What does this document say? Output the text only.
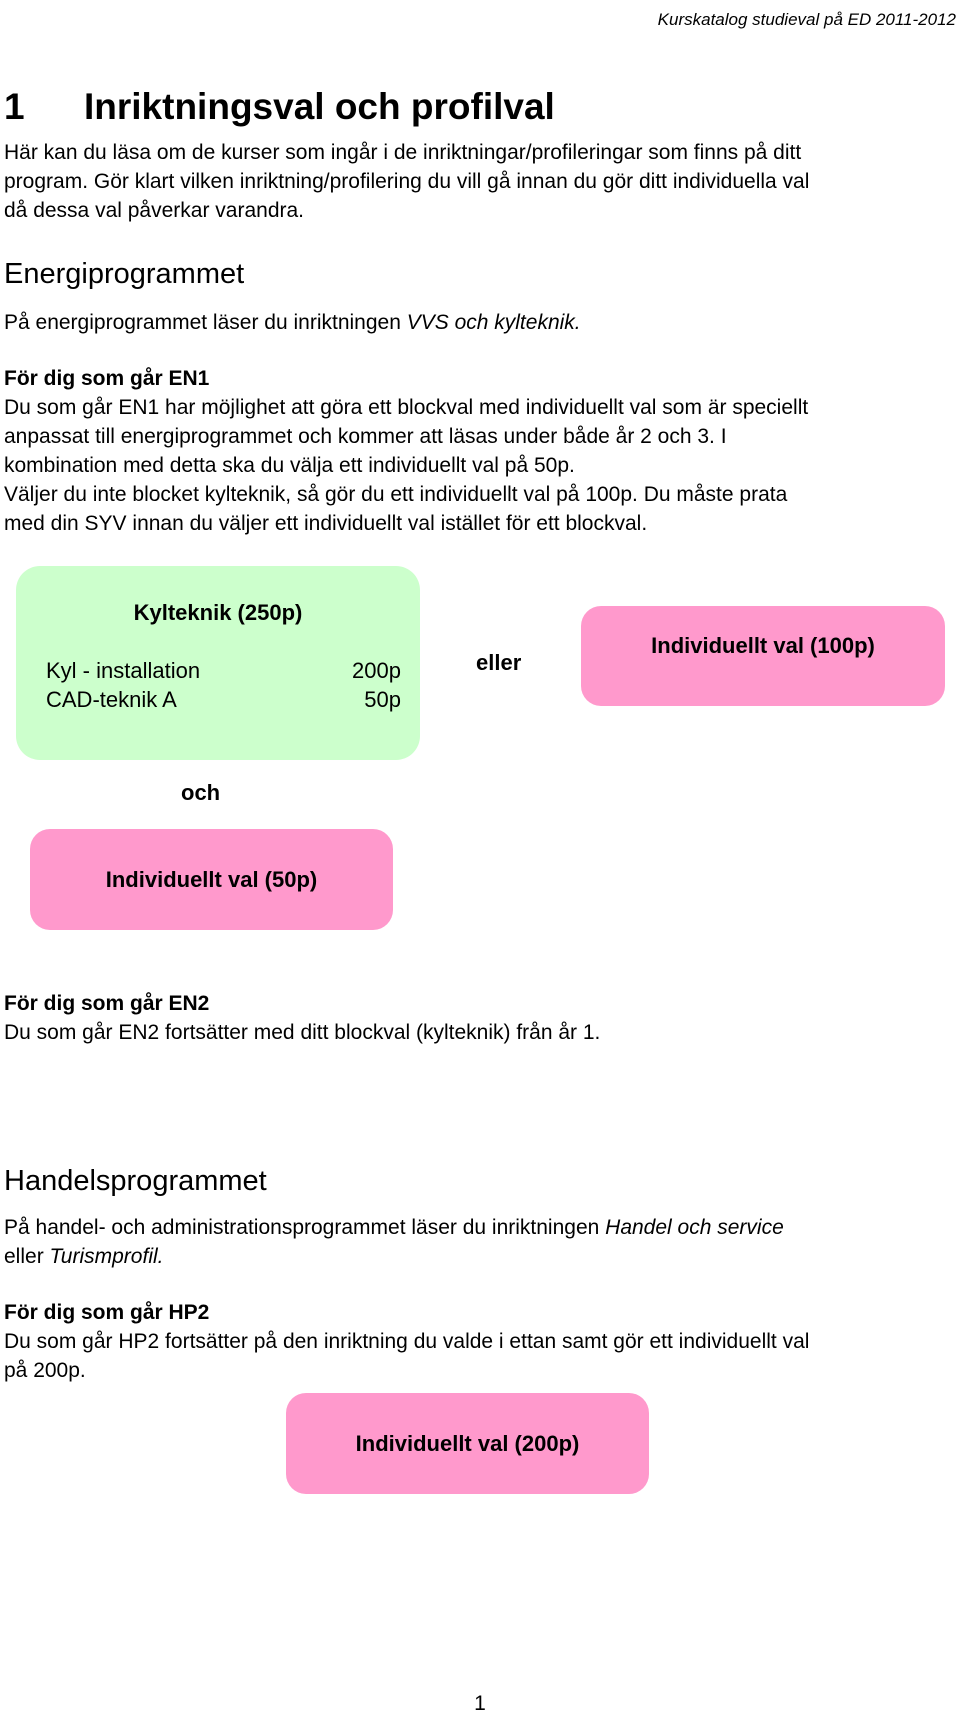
Kurskatalog studieval på ED 2011-2012
1 Inriktningsval och profilval
Här kan du läsa om de kurser som ingår i de inriktningar/profileringar som finns på ditt
program. Gör klart vilken inriktning/profilering du vill gå innan du gör ditt individuella val
då dessa val påverkar varandra.
Energiprogrammet
På energiprogrammet läser du inriktningen VVS och kylteknik.
För dig som går EN1
Du som går EN1 har möjlighet att göra ett blockval med individuellt val som är speciellt
anpassat till energiprogrammet och kommer att läsas under både år 2 och 3. I
kombination med detta ska du välja ett individuellt val på 50p.
Väljer du inte blocket kylteknik, så gör du ett individuellt val på 100p. Du måste prata
med din SYV innan du väljer ett individuellt val istället för ett blockval.
Kylteknik (250p)
Kyl - installation	200p
CAD-teknik A	50p
eller
Individuellt val (100p)
och
Individuellt val (50p)
För dig som går EN2
Du som går EN2 fortsätter med ditt blockval (kylteknik) från år 1.
Handelsprogrammet
På handel- och administrationsprogrammet läser du inriktningen Handel och service
eller Turismprofil.
För dig som går HP2
Du som går HP2 fortsätter på den inriktning du valde i ettan samt gör ett individuellt val
på 200p.
Individuellt val (200p)
1
